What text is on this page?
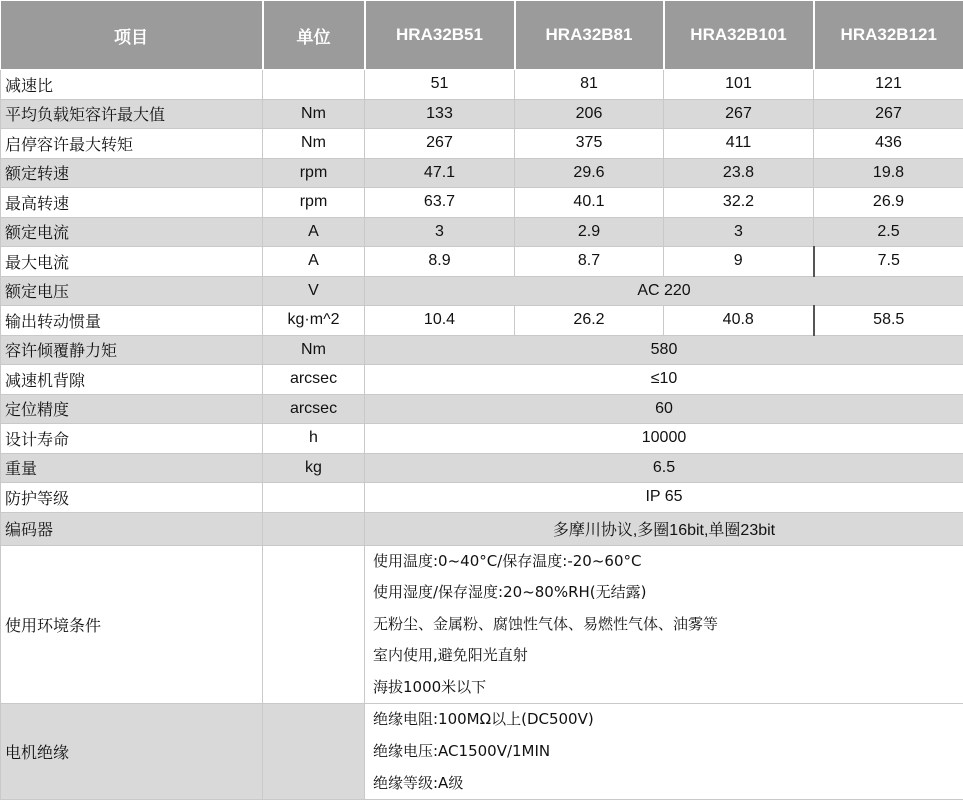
项目	单位	HRA32B51	HRA32B81	HRA32B101	HRA32B121
减速比		51	81	101	121
平均负载矩容许最大值	Nm	133	206	267	267
启停容许最大转矩	Nm	267	375	411	436
额定转速	rpm	47.1	29.6	23.8	19.8
最高转速	rpm	63.7	40.1	32.2	26.9
额定电流	A	3	2.9	3	2.5
最大电流	A	8.9	8.7	9	7.5
额定电压	V	AC 220			
输出转动惯量	kg·m^2	10.4	26.2	40.8	58.5
容许倾覆静力矩	Nm	580			
减速机背隙	arcsec	≤10			
定位精度	arcsec	60			
设计寿命	h	10000			
重量	kg	6.5			
防护等级		IP 65			
编码器		多摩川协议,多圈16bit,单圈23bit			
使用环境条件		使用温度:0~40°C/保存温度:-20~60°C
使用湿度/保存湿度:20~80%RH(无结露)
无粉尘、金属粉、腐蚀性气体、易燃性气体、油雾等
室内使用,避免阳光直射
海拔1000米以下			

电机绝缘		绝缘电阻:100MΩ以上(DC500V)
绝缘电压:AC1500V/1MIN
绝缘等级:A级			
